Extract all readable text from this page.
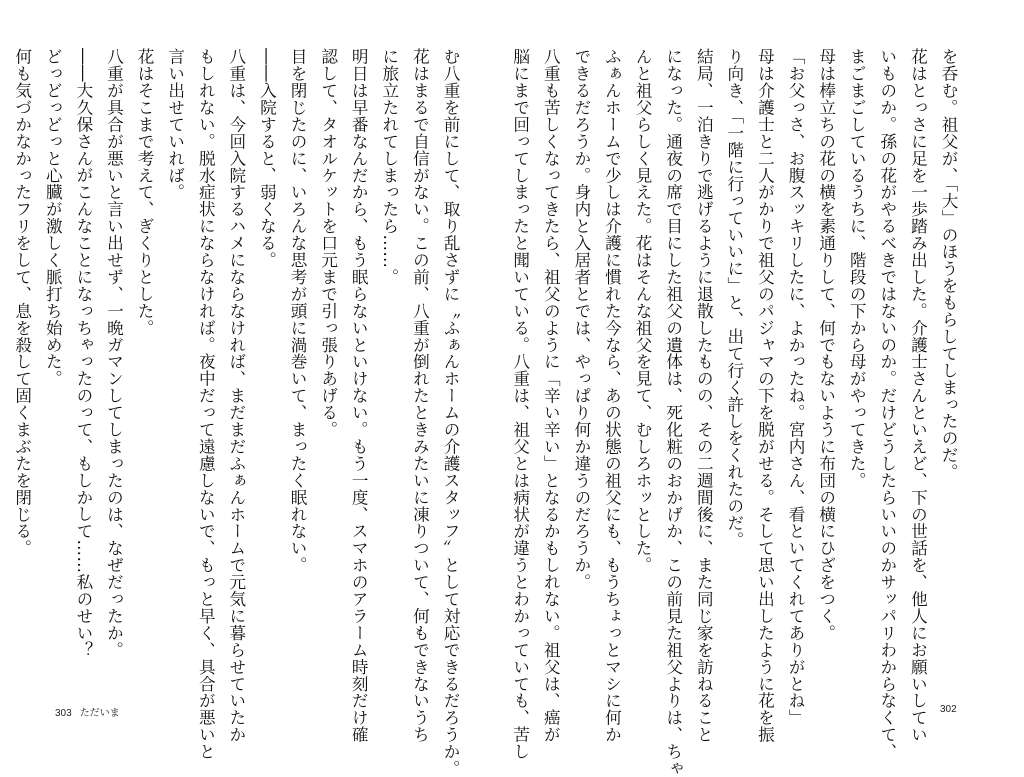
を呑む。祖父が、「大」のほうをもらしてしまったのだ。

花はとっさに足を一歩踏み出した。介護士さんといえど、下の世話を、他人にお願いしてい

いものか。孫の花がやるべきではないのか。だけどうしたらいいのかサッパリわからなくて、

まごまごしているうちに、階段の下から母がやってきた。

母は棒立ちの花の横を素通りして、何でもないように布団の横にひざをつく。

「お父っさ、お腹スッキリしたに、よかったね。宮内さん、看といてくれてありがとね」

母は介護士と二人がかりで祖父のパジャマの下を脱がせる。そして思い出したように花を振

り向き、「一階に行っていいに」と、出て行く許しをくれたのだ。

結局、一泊きりで逃げるように退散したものの、その二週間後に、また同じ家を訪ねること

になった。通夜の席で目にした祖父の遺体は、死化粧のおかげか、この前見た祖父よりは、ちゃ

んと祖父らしく見えた。花はそんな祖父を見て、むしろホッとした。

ふぁんホームで少しは介護に慣れた今なら、あの状態の祖父にも、もうちょっとマシに何か

できるだろうか。身内と入居者とでは、やっぱり何か違うのだろうか。

八重も苦しくなってきたら、祖父のように「辛い辛い」となるかもしれない。祖父は、癌が

脳にまで回ってしまったと聞いている。八重は、祖父とは病状が違うとわかっていても、苦し

む八重を前にして、取り乱さずに〝ふぁんホームの介護スタッフ〟として対応できるだろうか。

花はまるで自信がない。この前、八重が倒れたときみたいに凍りついて、何もできないうち

に旅立たれてしまったら……。

明日は早番なんだから、もう眠らないといけない。もう一度、スマホのアラーム時刻だけ確

認して、タオルケットを口元まで引っ張りあげる。

目を閉じたのに、いろんな思考が頭に渦巻いて、まったく眠れない。

――入院すると、弱くなる。

八重は、今回入院するハメにならなければ、まだまだふぁんホームで元気に暮らせていたか

もしれない。脱水症状にならなければ。夜中だって遠慮しないで、もっと早く、具合が悪いと

言い出せていれば。

花はそこまで考えて、ぎくりとした。

八重が具合が悪いと言い出せず、一晩ガマンしてしまったのは、なぜだったか。

――大久保さんがこんなことになっちゃったのって、もしかして……私のせい？

どっどっどっと心臓が激しく脈打ち始めた。

何も気づかなかったフリをして、息を殺して固くまぶたを閉じる。

303 ただいま	302
